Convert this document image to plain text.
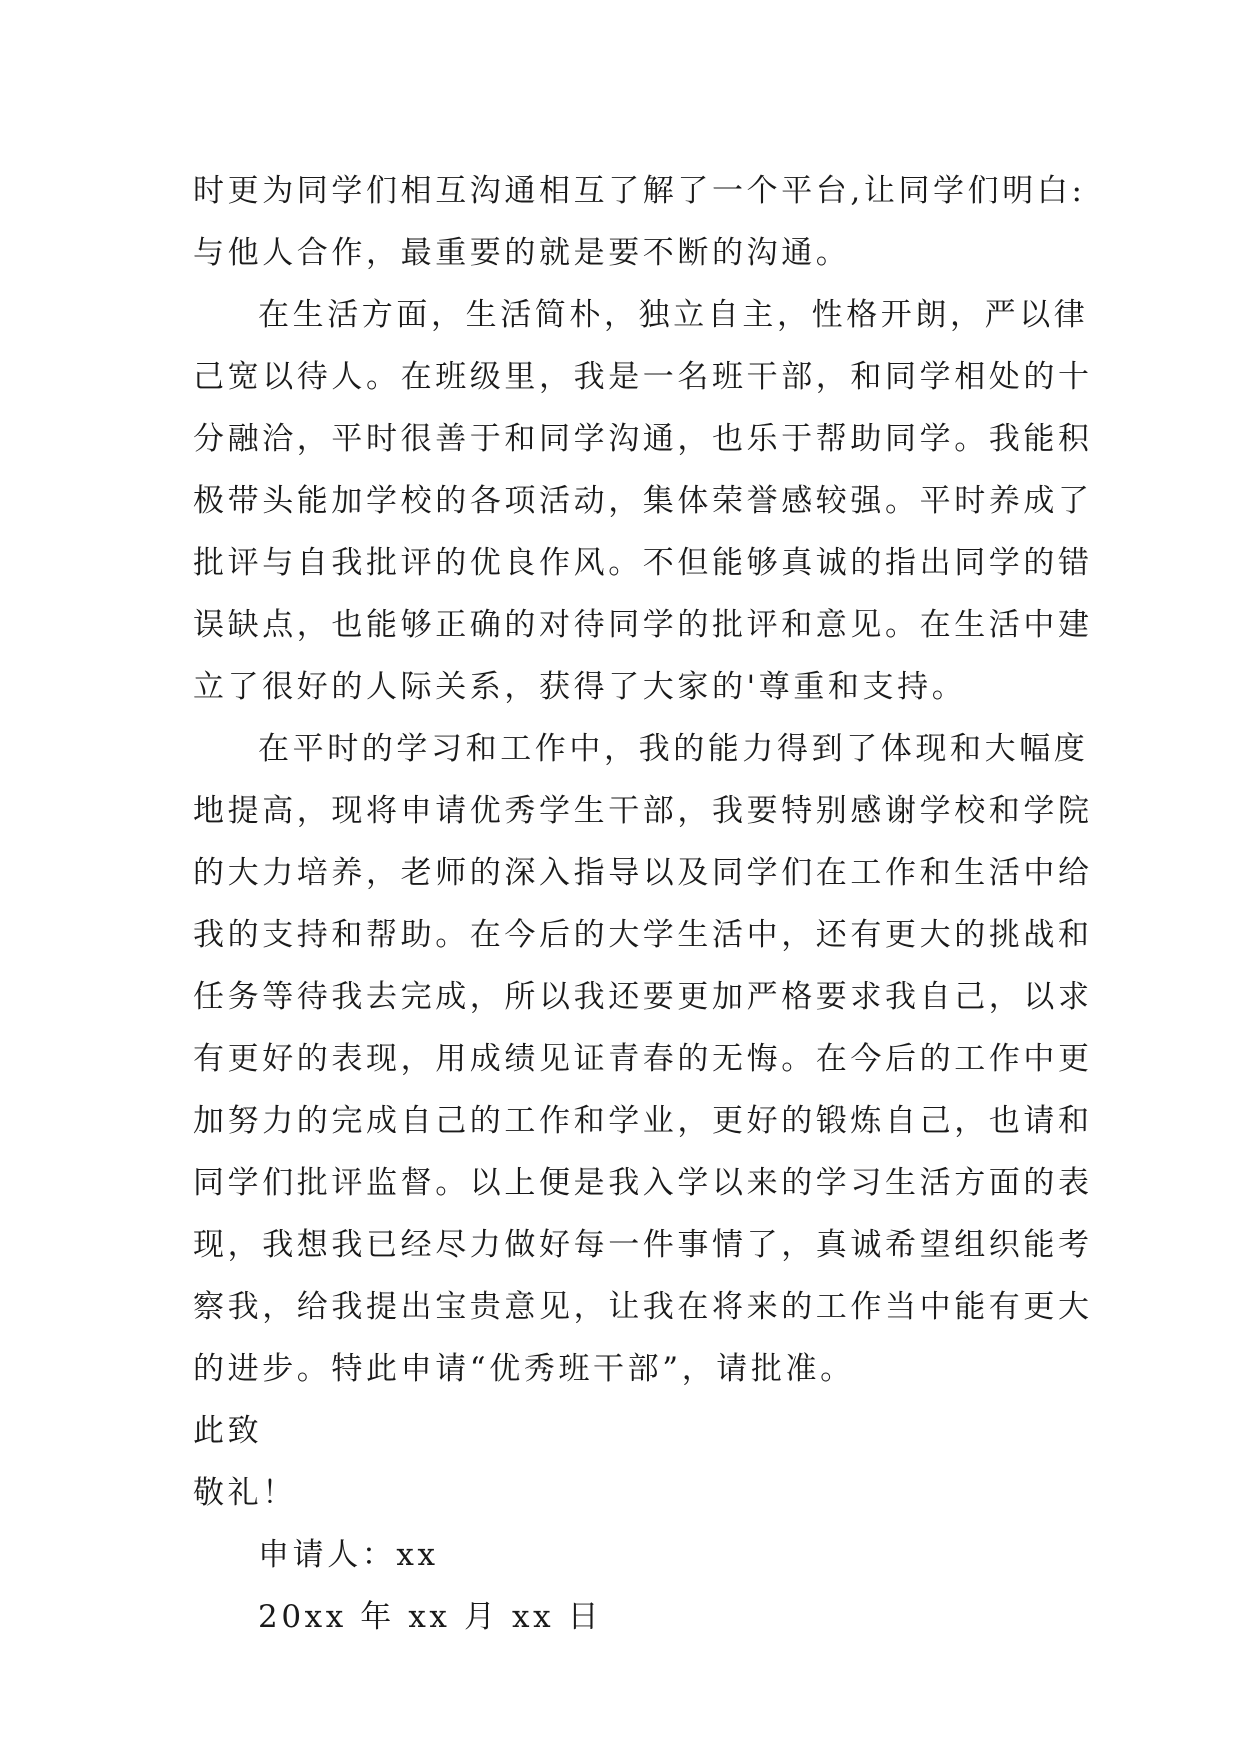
时更为同学们相互沟通相互了解了一个平台,让同学们明白:
与他人合作，最重要的就是要不断的沟通。
在生活方面，生活简朴，独立自主，性格开朗，严以律
己宽以待人。在班级里，我是一名班干部，和同学相处的十
分融洽，平时很善于和同学沟通，也乐于帮助同学。我能积
极带头能加学校的各项活动，集体荣誉感较强。平时养成了
批评与自我批评的优良作风。不但能够真诚的指出同学的错
误缺点，也能够正确的对待同学的批评和意见。在生活中建
立了很好的人际关系，获得了大家的'尊重和支持。
在平时的学习和工作中，我的能力得到了体现和大幅度
地提高，现将申请优秀学生干部，我要特别感谢学校和学院
的大力培养，老师的深入指导以及同学们在工作和生活中给
我的支持和帮助。在今后的大学生活中，还有更大的挑战和
任务等待我去完成，所以我还要更加严格要求我自己，以求
有更好的表现，用成绩见证青春的无悔。在今后的工作中更
加努力的完成自己的工作和学业，更好的锻炼自己，也请和
同学们批评监督。以上便是我入学以来的学习生活方面的表
现，我想我已经尽力做好每一件事情了，真诚希望组织能考
察我，给我提出宝贵意见，让我在将来的工作当中能有更大
的进步。特此申请“优秀班干部”，请批准。
此致
敬礼！
申请人：xx
20xx 年 xx 月 xx 日
